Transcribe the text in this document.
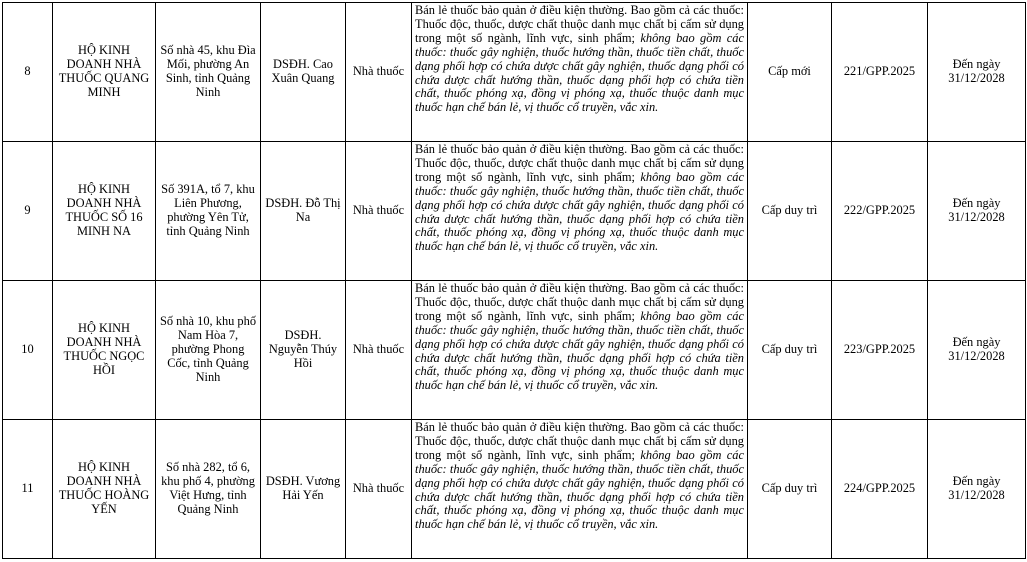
8	HỘ KINH DOANH NHÀ THUỐC QUANG MINH	Số nhà 45, khu Đìa Mối, phường An Sinh, tỉnh Quảng Ninh	DSĐH. Cao Xuân Quang	Nhà thuốc	Bán lẻ thuốc bảo quản ở điều kiện thường. Bao gồm cả các thuốc: Thuốc độc, thuốc, dược chất thuộc danh mục chất bị cấm sử dụng trong một số ngành, lĩnh vực, sinh phẩm; không bao gồm các thuốc: thuốc gây nghiện, thuốc hướng thần, thuốc tiền chất, thuốc dạng phối hợp có chứa dược chất gây nghiện, thuốc dạng phối có chứa dược chất hướng thần, thuốc dạng phối hợp có chứa tiền chất, thuốc phóng xạ, đồng vị phóng xạ, thuốc thuộc danh mục thuốc hạn chế bán lẻ, vị thuốc cổ truyền, vắc xin.	Cấp mới	221/GPP.2025	Đến ngày 31/12/2028
9	HỘ KINH DOANH NHÀ THUỐC SỐ 16 MINH NA	Số 391A, tổ 7, khu Liên Phương, phường Yên Tử, tỉnh Quảng Ninh	DSĐH. Đỗ Thị Na	Nhà thuốc	Bán lẻ thuốc bảo quản ở điều kiện thường. Bao gồm cả các thuốc: Thuốc độc, thuốc, dược chất thuộc danh mục chất bị cấm sử dụng trong một số ngành, lĩnh vực, sinh phẩm; không bao gồm các thuốc: thuốc gây nghiện, thuốc hướng thần, thuốc tiền chất, thuốc dạng phối hợp có chứa dược chất gây nghiện, thuốc dạng phối có chứa dược chất hướng thần, thuốc dạng phối hợp có chứa tiền chất, thuốc phóng xạ, đồng vị phóng xạ, thuốc thuộc danh mục thuốc hạn chế bán lẻ, vị thuốc cổ truyền, vắc xin.	Cấp duy trì	222/GPP.2025	Đến ngày 31/12/2028
10	HỘ KINH DOANH NHÀ THUỐC NGỌC HỒI	Số nhà 10, khu phố Nam Hòa 7, phường Phong Cốc, tỉnh Quảng Ninh	DSĐH. Nguyễn Thúy Hồi	Nhà thuốc	Bán lẻ thuốc bảo quản ở điều kiện thường. Bao gồm cả các thuốc: Thuốc độc, thuốc, dược chất thuộc danh mục chất bị cấm sử dụng trong một số ngành, lĩnh vực, sinh phẩm; không bao gồm các thuốc: thuốc gây nghiện, thuốc hướng thần, thuốc tiền chất, thuốc dạng phối hợp có chứa dược chất gây nghiện, thuốc dạng phối có chứa dược chất hướng thần, thuốc dạng phối hợp có chứa tiền chất, thuốc phóng xạ, đồng vị phóng xạ, thuốc thuộc danh mục thuốc hạn chế bán lẻ, vị thuốc cổ truyền, vắc xin.	Cấp duy trì	223/GPP.2025	Đến ngày 31/12/2028
11	HỘ KINH DOANH NHÀ THUỐC HOÀNG YẾN	Số nhà 282, tổ 6, khu phố 4, phường Việt Hưng, tỉnh Quảng Ninh	DSĐH. Vương Hải Yến	Nhà thuốc	Bán lẻ thuốc bảo quản ở điều kiện thường. Bao gồm cả các thuốc: Thuốc độc, thuốc, dược chất thuộc danh mục chất bị cấm sử dụng trong một số ngành, lĩnh vực, sinh phẩm; không bao gồm các thuốc: thuốc gây nghiện, thuốc hướng thần, thuốc tiền chất, thuốc dạng phối hợp có chứa dược chất gây nghiện, thuốc dạng phối có chứa dược chất hướng thần, thuốc dạng phối hợp có chứa tiền chất, thuốc phóng xạ, đồng vị phóng xạ, thuốc thuộc danh mục thuốc hạn chế bán lẻ, vị thuốc cổ truyền, vắc xin.	Cấp duy trì	224/GPP.2025	Đến ngày 31/12/2028
